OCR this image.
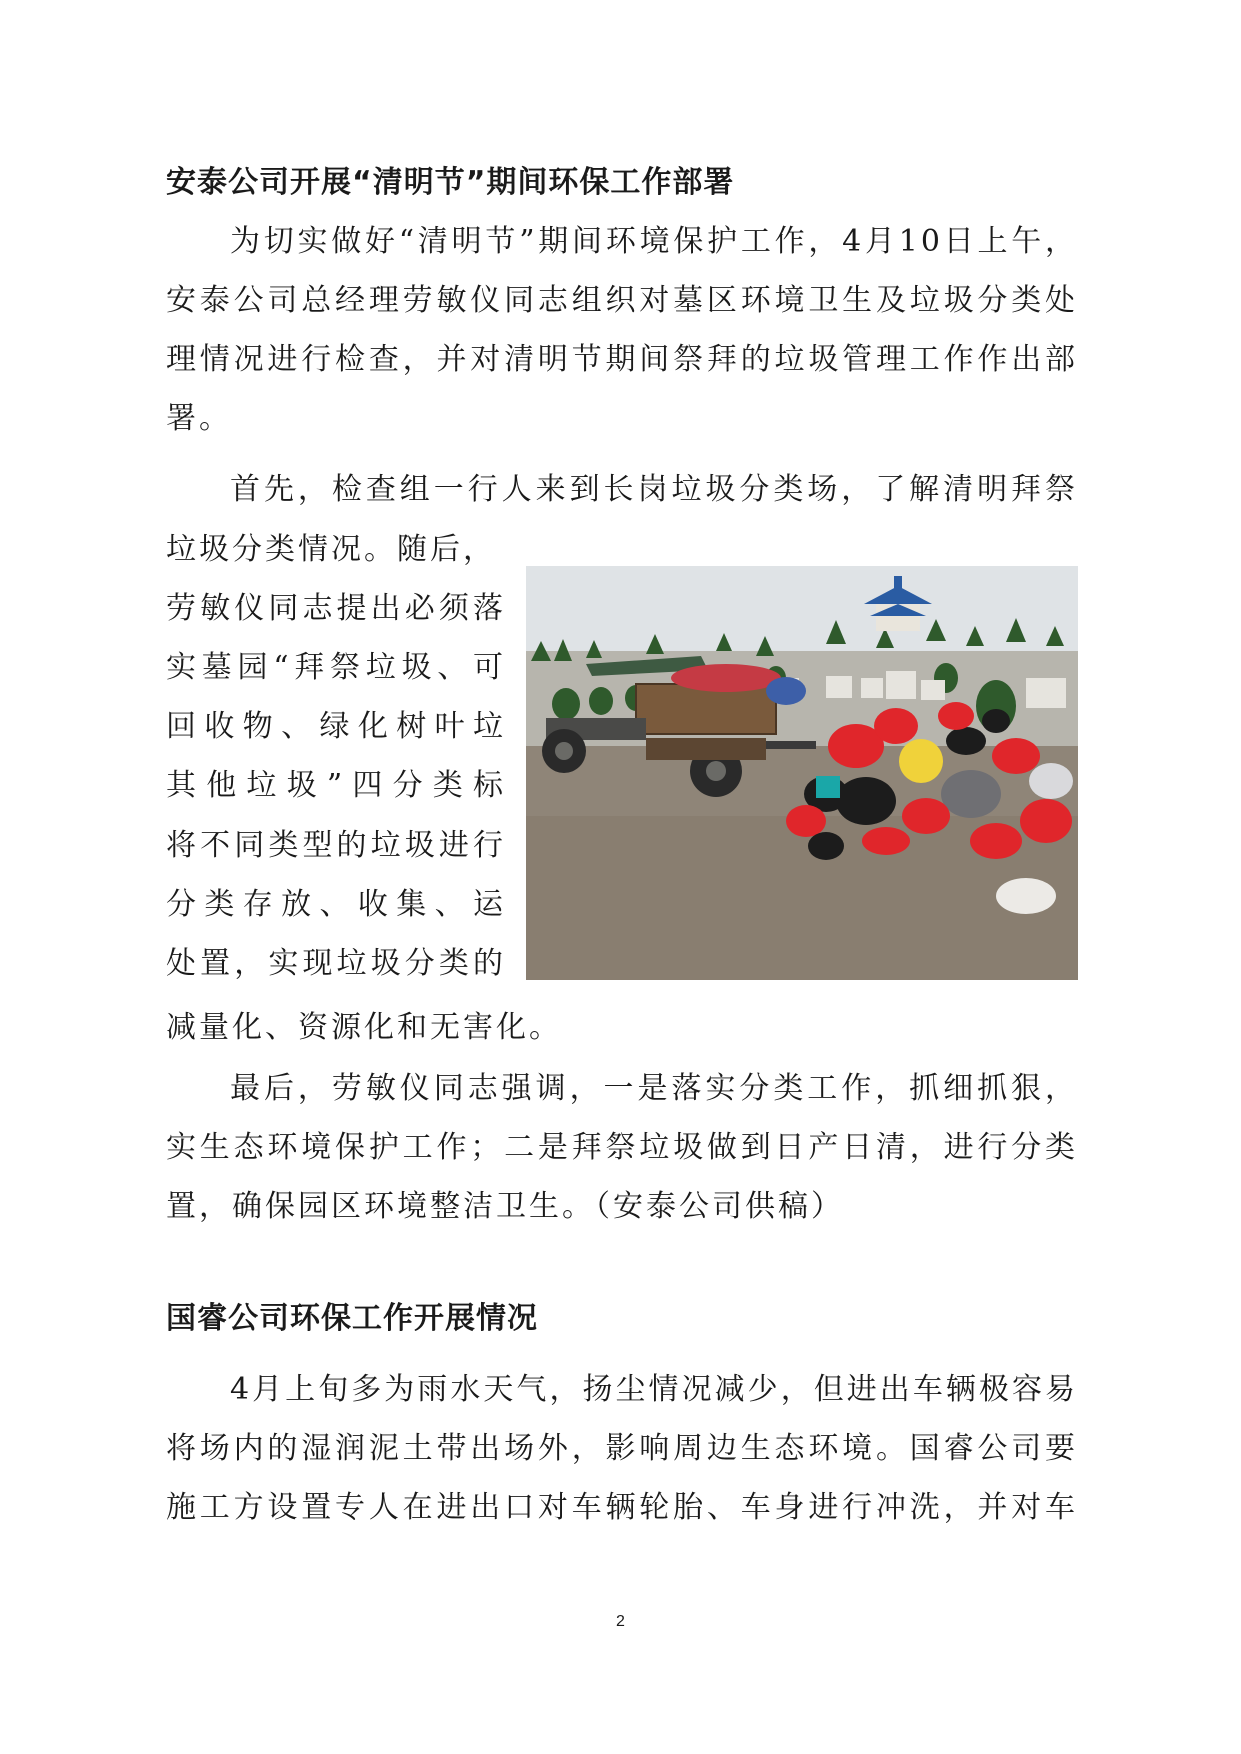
安泰公司开展“清明节”期间环保工作部署
为切实做好“清明节”期间环境保护工作，4月10日上午，
安泰公司总经理劳敏仪同志组织对墓区环境卫生及垃圾分类处
理情况进行检查，并对清明节期间祭拜的垃圾管理工作作出部
署。
首先，检查组一行人来到长岗垃圾分类场，了解清明拜祭
垃圾分类情况。随后，
劳敏仪同志提出必须落
实墓园“拜祭垃圾、可
回收物、绿化树叶垃
其他垃圾”四分类标
将不同类型的垃圾进行
分类存放、收集、运
处置，实现垃圾分类的
减量化、资源化和无害化。
最后，劳敏仪同志强调，一是落实分类工作，抓细抓狠，
实生态环境保护工作；二是拜祭垃圾做到日产日清，进行分类
置，确保园区环境整洁卫生。（安泰公司供稿）
国睿公司环保工作开展情况
4月上旬多为雨水天气，扬尘情况减少，但进出车辆极容易
将场内的湿润泥土带出场外，影响周边生态环境。国睿公司要
施工方设置专人在进出口对车辆轮胎、车身进行冲洗，并对车
2
